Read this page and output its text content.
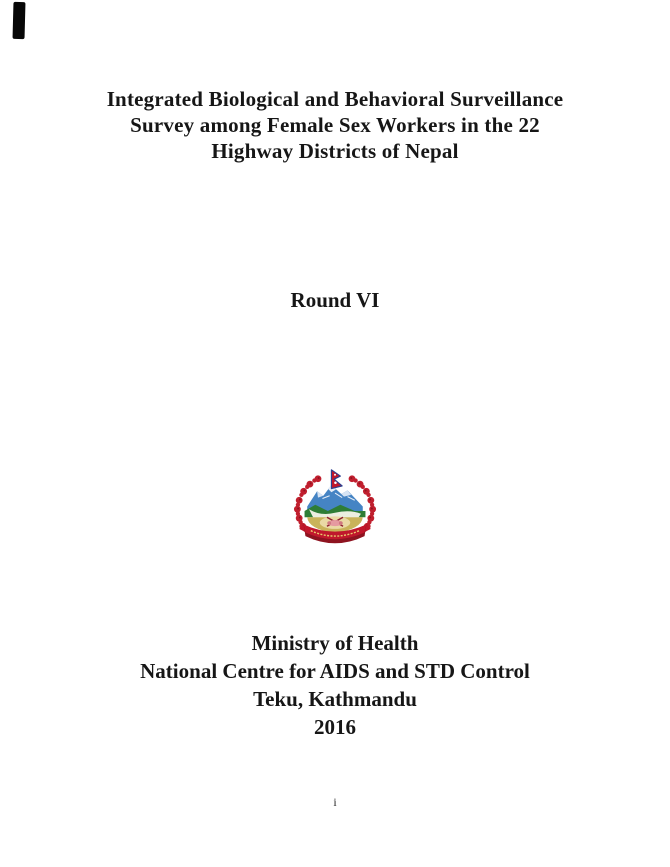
Integrated Biological and Behavioral Surveillance
Survey among Female Sex Workers in the 22
Highway Districts of Nepal
Round VI
Ministry of Health
National Centre for AIDS and STD Control
Teku, Kathmandu
2016
i
